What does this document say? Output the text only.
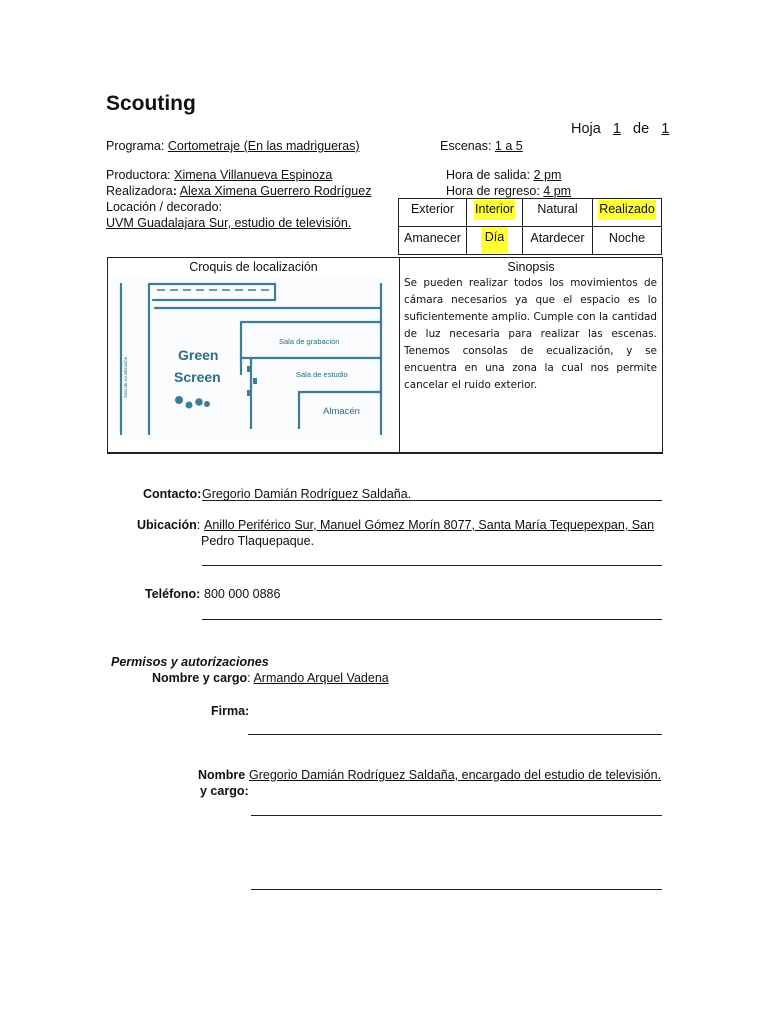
Scouting
Hoja 1 de 1
Programa: Cortometraje (En las madrigueras)	Escenas: 1 a 5
Productora: Ximena Villanueva Espinoza
Realizadora: Alexa Ximena Guerrero Rodríguez
Locación / decorado:
UVM Guadalajara Sur, estudio de televisión.
Hora de salida: 2 pm
Hora de regreso: 4 pm
Exterior	Interior	Natural	Realizado
Amanecer	Día	Atardecer	Noche
Croquis de localización
Green
Screen
Sala de grabación
Sala de estudio
Almacén
Sala de ecualización
Sinopsis
Se pueden realizar todos los movimientos de cámara necesarios ya que el espacio es lo suficientemente amplio. Cumple con la cantidad de luz necesaria para realizar las escenas. Tenemos consolas de ecualización, y se encuentra en una zona la cual nos permite cancelar el ruido exterior.
Contacto: Gregorio Damián Rodríguez Saldaña.
Ubicación: Anillo Periférico Sur, Manuel Gómez Morín 8077, Santa María Tequepexpan, San
Pedro Tlaquepaque.
Teléfono: 800 000 0886
Permisos y autorizaciones
Nombre y cargo: Armando Arquel Vadena
Firma:
Nombre
y cargo:
Gregorio Damián Rodríguez Saldaña, encargado del estudio de televisión.
